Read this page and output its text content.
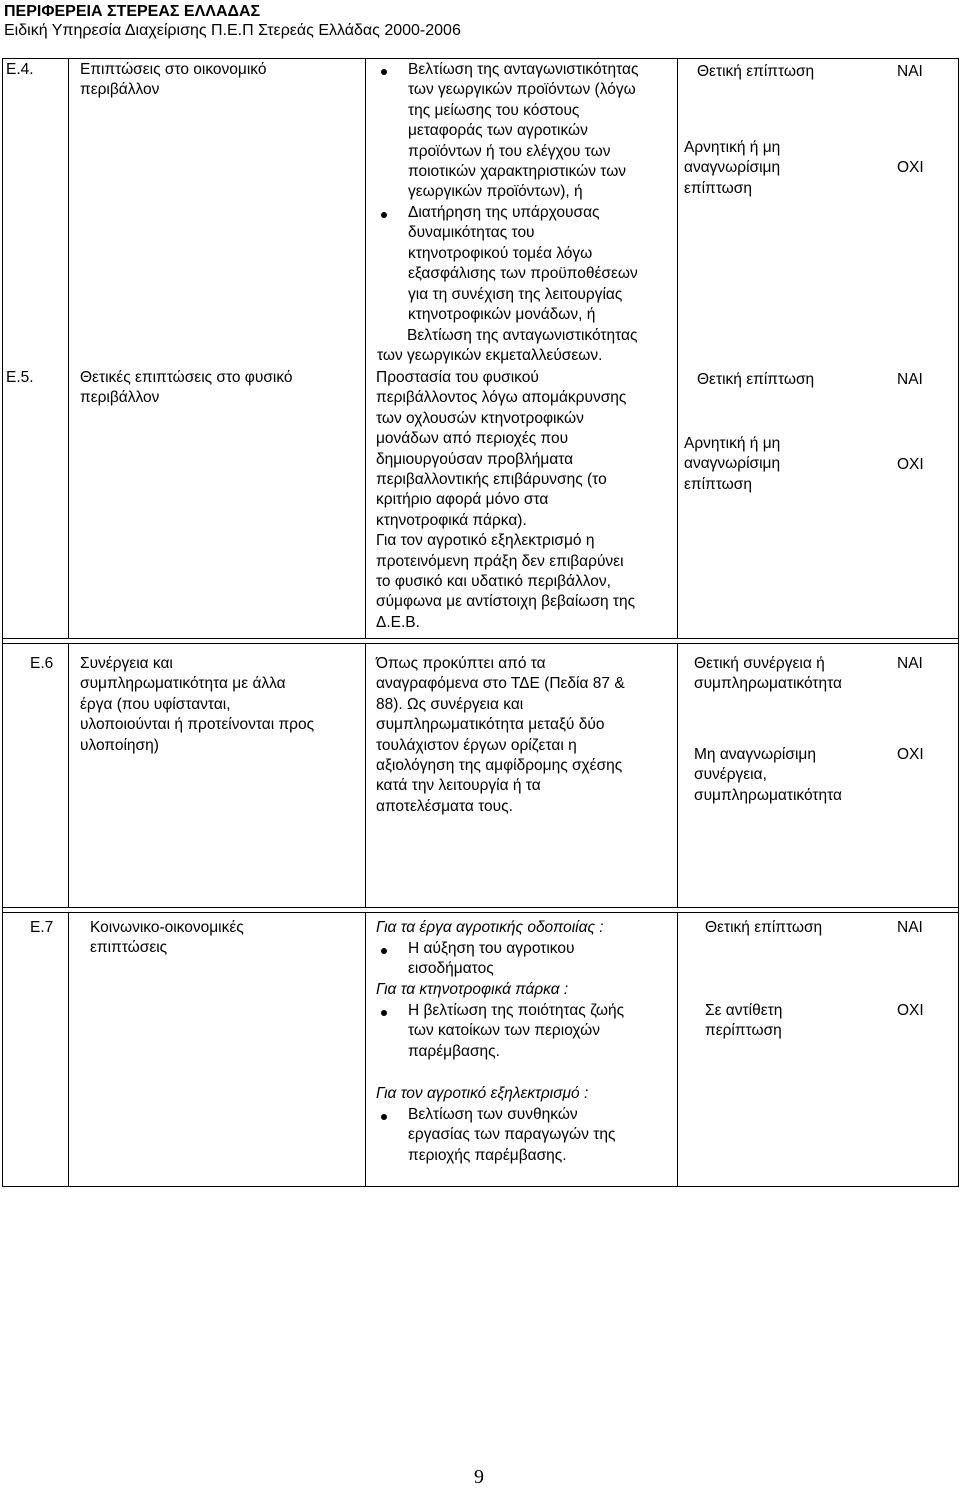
ΠΕΡΙΦΕΡΕΙΑ ΣΤΕΡΕΑΣ ΕΛΛΑΔΑΣ
Ειδική Υπηρεσία Διαχείρισης Π.Ε.Π Στερεάς Ελλάδας 2000-2006
Ε.4.	Επιπτώσεις στο οικονομικό
περιβάλλον
Βελτίωση της ανταγωνιστικότητας
των γεωργικών προϊόντων (λόγω
της μείωσης του κόστους
μεταφοράς των αγροτικών
προϊόντων ή του ελέγχου των
ποιοτικών χαρακτηριστικών των
γεωργικών προϊόντων), ή
Διατήρηση της υπάρχουσας
δυναμικότητας του
κτηνοτροφικού τομέα λόγω
εξασφάλισης των προϋποθέσεων
για τη συνέχιση της λειτουργίας
κτηνοτροφικών μονάδων, ή
Βελτίωση της ανταγωνιστικότητας
των γεωργικών εκμεταλλεύσεων.
Θετική επίπτωση
Αρνητική ή μη
αναγνωρίσιμη
επίπτωση
ΝΑΙ
ΟΧΙ
Ε.5.	Θετικές επιπτώσεις στο φυσικό
περιβάλλον
Προστασία του φυσικού
περιβάλλοντος λόγω απομάκρυνσης
των οχλουσών κτηνοτροφικών
μονάδων από περιοχές που
δημιουργούσαν προβλήματα
περιβαλλοντικής επιβάρυνσης (το
κριτήριο αφορά μόνο στα
κτηνοτροφικά πάρκα).
Για τον αγροτικό εξηλεκτρισμό η
προτεινόμενη πράξη δεν επιβαρύνει
το φυσικό και υδατικό περιβάλλον,
σύμφωνα με αντίστοιχη βεβαίωση της
Δ.Ε.Β.
Θετική επίπτωση
Αρνητική ή μη
αναγνωρίσιμη
επίπτωση
ΝΑΙ
ΟΧΙ
Ε.6 Συνέργεια και
συμπληρωματικότητα με άλλα
έργα (που υφίστανται,
υλοποιούνται ή προτείνονται προς
υλοποίηση)
Όπως προκύπτει από τα
αναγραφόμενα στο ΤΔΕ (Πεδία 87 &
88). Ως συνέργεια και
συμπληρωματικότητα μεταξύ δύο
τουλάχιστον έργων ορίζεται η
αξιολόγηση της αμφίδρομης σχέσης
κατά την λειτουργία ή τα
αποτελέσματα τους.
Θετική συνέργεια ή
συμπληρωματικότητα
Μη αναγνωρίσιμη
συνέργεια,
συμπληρωματικότητα
ΝΑΙ
ΟΧΙ
Ε.7 Κοινωνικο-οικονομικές
επιπτώσεις
Για τα έργα αγροτικής οδοποιίας :
Η αύξηση του αγροτικου
εισοδήματος
Για τα κτηνοτροφικά πάρκα :
Η βελτίωση της ποιότητας ζωής
των κατοίκων των περιοχών
παρέμβασης.
Για τον αγροτικό εξηλεκτρισμό :
Βελτίωση των συνθηκών
εργασίας των παραγωγών της
περιοχής παρέμβασης.
Θετική επίπτωση
Σε αντίθετη
περίπτωση
ΝΑΙ
ΟΧΙ
9
